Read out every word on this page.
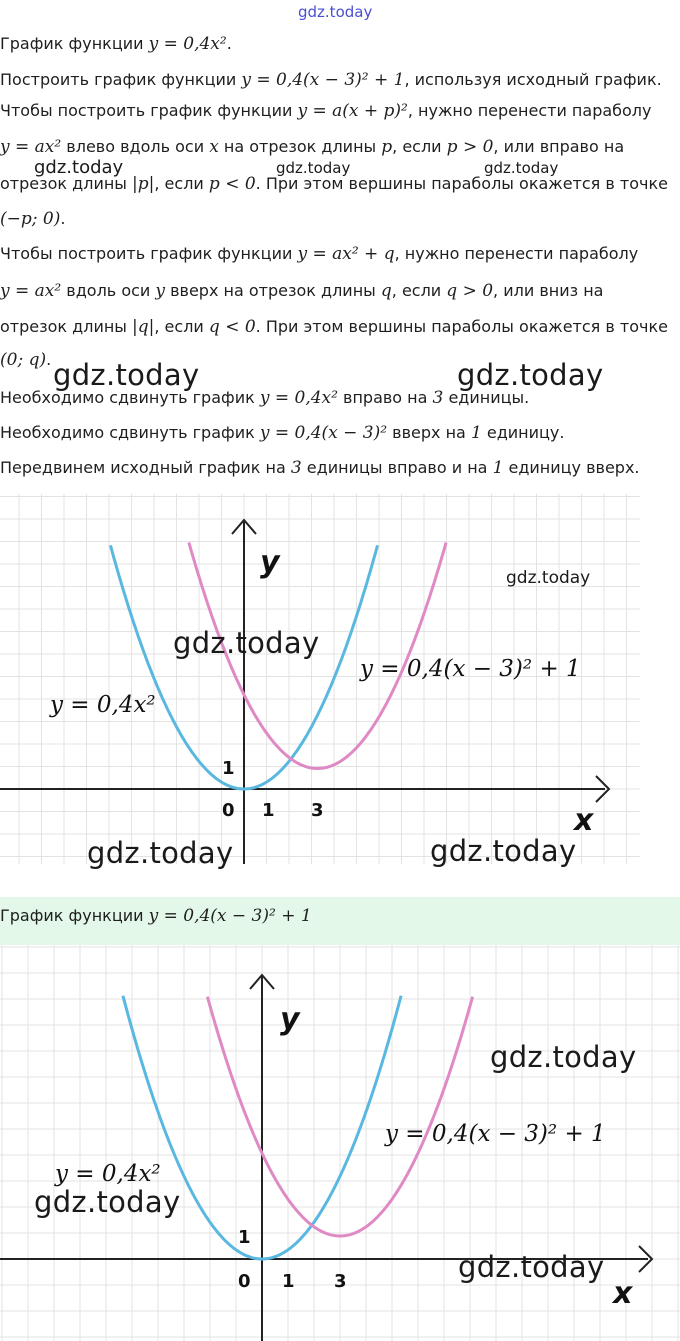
gdz.today
График функции y = 0,4x².
Построить график функции y = 0,4(x − 3)² + 1, используя исходный график.
Чтобы построить график функции y = a(x + p)², нужно перенести параболу
y = ax² влево вдоль оси x на отрезок длины p, если p > 0, или вправо на
отрезок длины |p|, если p < 0. При этом вершины параболы окажется в точке
(−p; 0).
Чтобы построить график функции y = ax² + q, нужно перенести параболу
y = ax² вдоль оси y вверх на отрезок длины q, если q > 0, или вниз на
отрезок длины |q|, если q < 0. При этом вершины параболы окажется в точке
(0; q).
Необходимо сдвинуть график y = 0,4x² вправо на 3 единицы.
Необходимо сдвинуть график y = 0,4(x − 3)² вверх на 1 единицу.
Передвинем исходный график на 3 единицы вправо и на 1 единицу вверх.
y
x
0 1 3
1
y = 0,4x²
y = 0,4(x − 3)² + 1
gdz.today
gdz.today
gdz.today	gdz.today
График функции y = 0,4(x − 3)² + 1
y
x
0 1 3
1
y = 0,4x²
y = 0,4(x − 3)² + 1
gdz.today
gdz.today
gdz.today
gdz.today	gdz.today	gdz.today
gdz.today	gdz.today
